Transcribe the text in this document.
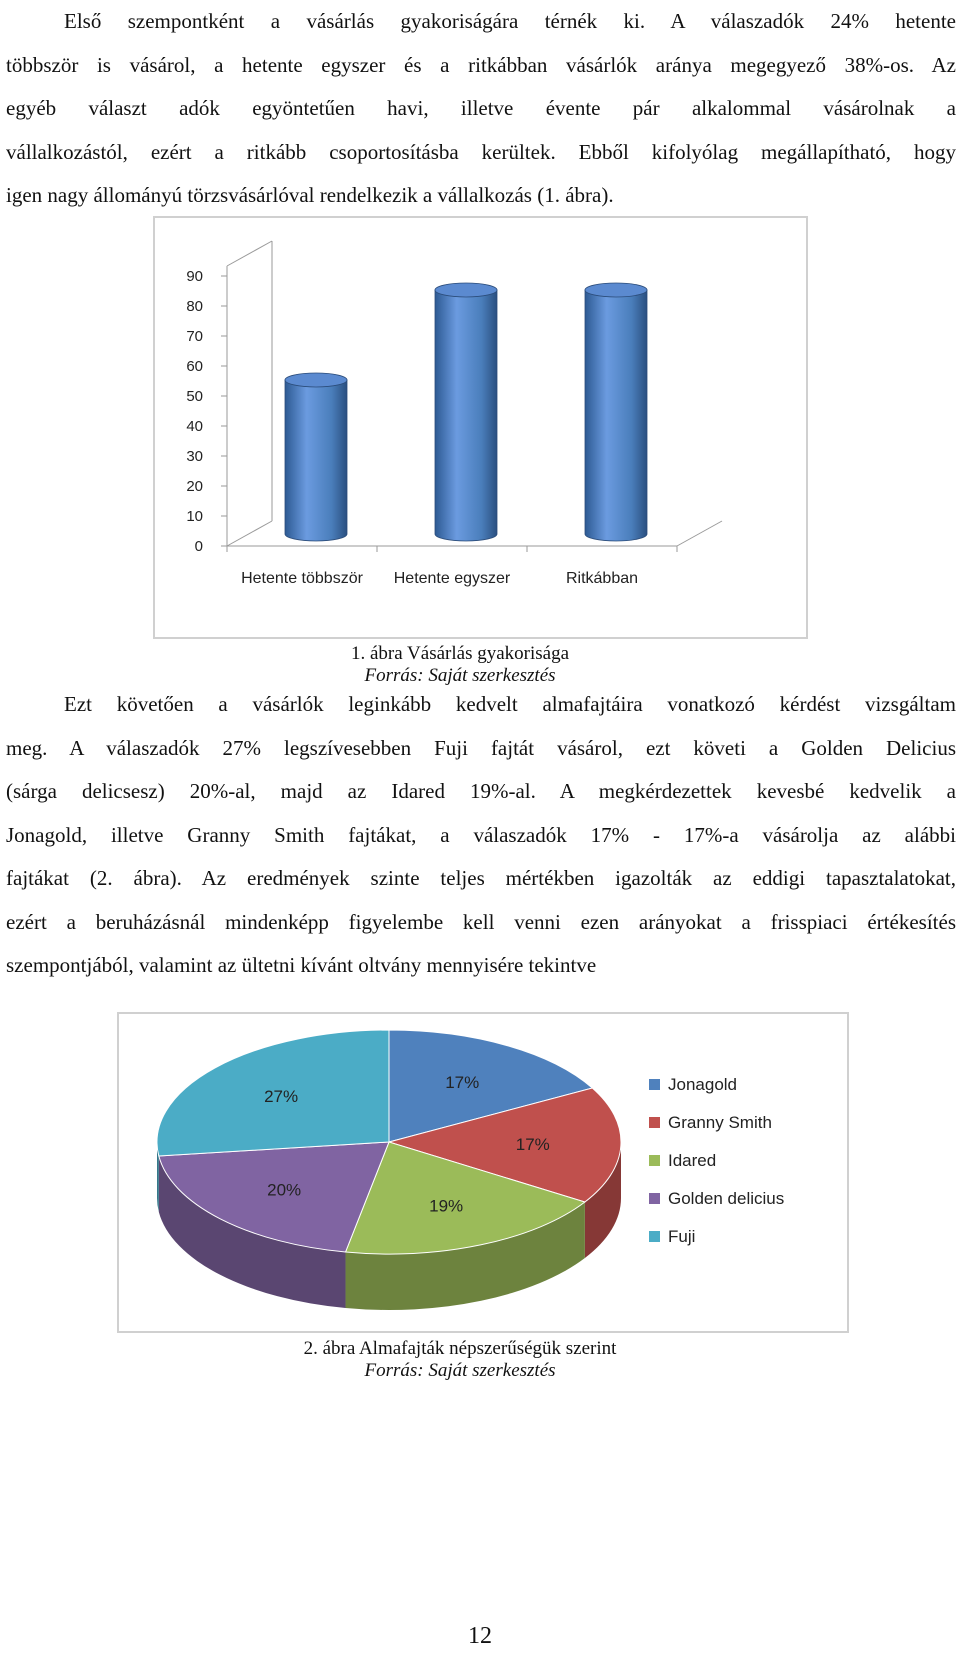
Első szempontként a vásárlás gyakoriságára térnék ki. A válaszadók 24% hetente
többször is vásárol, a hetente egyszer és a ritkábban vásárlók aránya megegyező 38%-os. Az
egyéb választ adók egyöntetűen havi, illetve évente pár alkalommal vásárolnak a
vállalkozástól, ezért a ritkább csoportosításba kerültek. Ebből kifolyólag megállapítható, hogy
igen nagy állományú törzsvásárlóval rendelkezik a vállalkozás (1. ábra).
0
10
20
30
40
50
60
70
80
90
Hetente többször Hetente egyszer	Ritkábban
1. ábra Vásárlás gyakorisága
Forrás: Saját szerkesztés
Ezt követően a vásárlók leginkább kedvelt almafajtáira vonatkozó kérdést vizsgáltam
meg. A válaszadók 27% legszívesebben Fuji fajtát vásárol, ezt követi a Golden Delicius
(sárga delicsesz) 20%-al, majd az Idared 19%-al. A megkérdezettek kevesbé kedvelik a
Jonagold, illetve Granny Smith fajtákat, a válaszadók 17% - 17%-a vásárolja az alábbi
fajtákat (2. ábra). Az eredmények szinte teljes mértékben igazolták az eddigi tapasztalatokat,
ezért a beruházásnál mindenképp figyelembe kell venni ezen arányokat a frisspiaci értékesítés
szempontjából, valamint az ültetni kívánt oltvány mennyisére tekintve
17%
17%
19%
20%
27%
Jonagold
Granny Smith
Idared
Golden delicius
Fuji
2. ábra Almafajták népszerűségük szerint
Forrás: Saját szerkesztés
12
